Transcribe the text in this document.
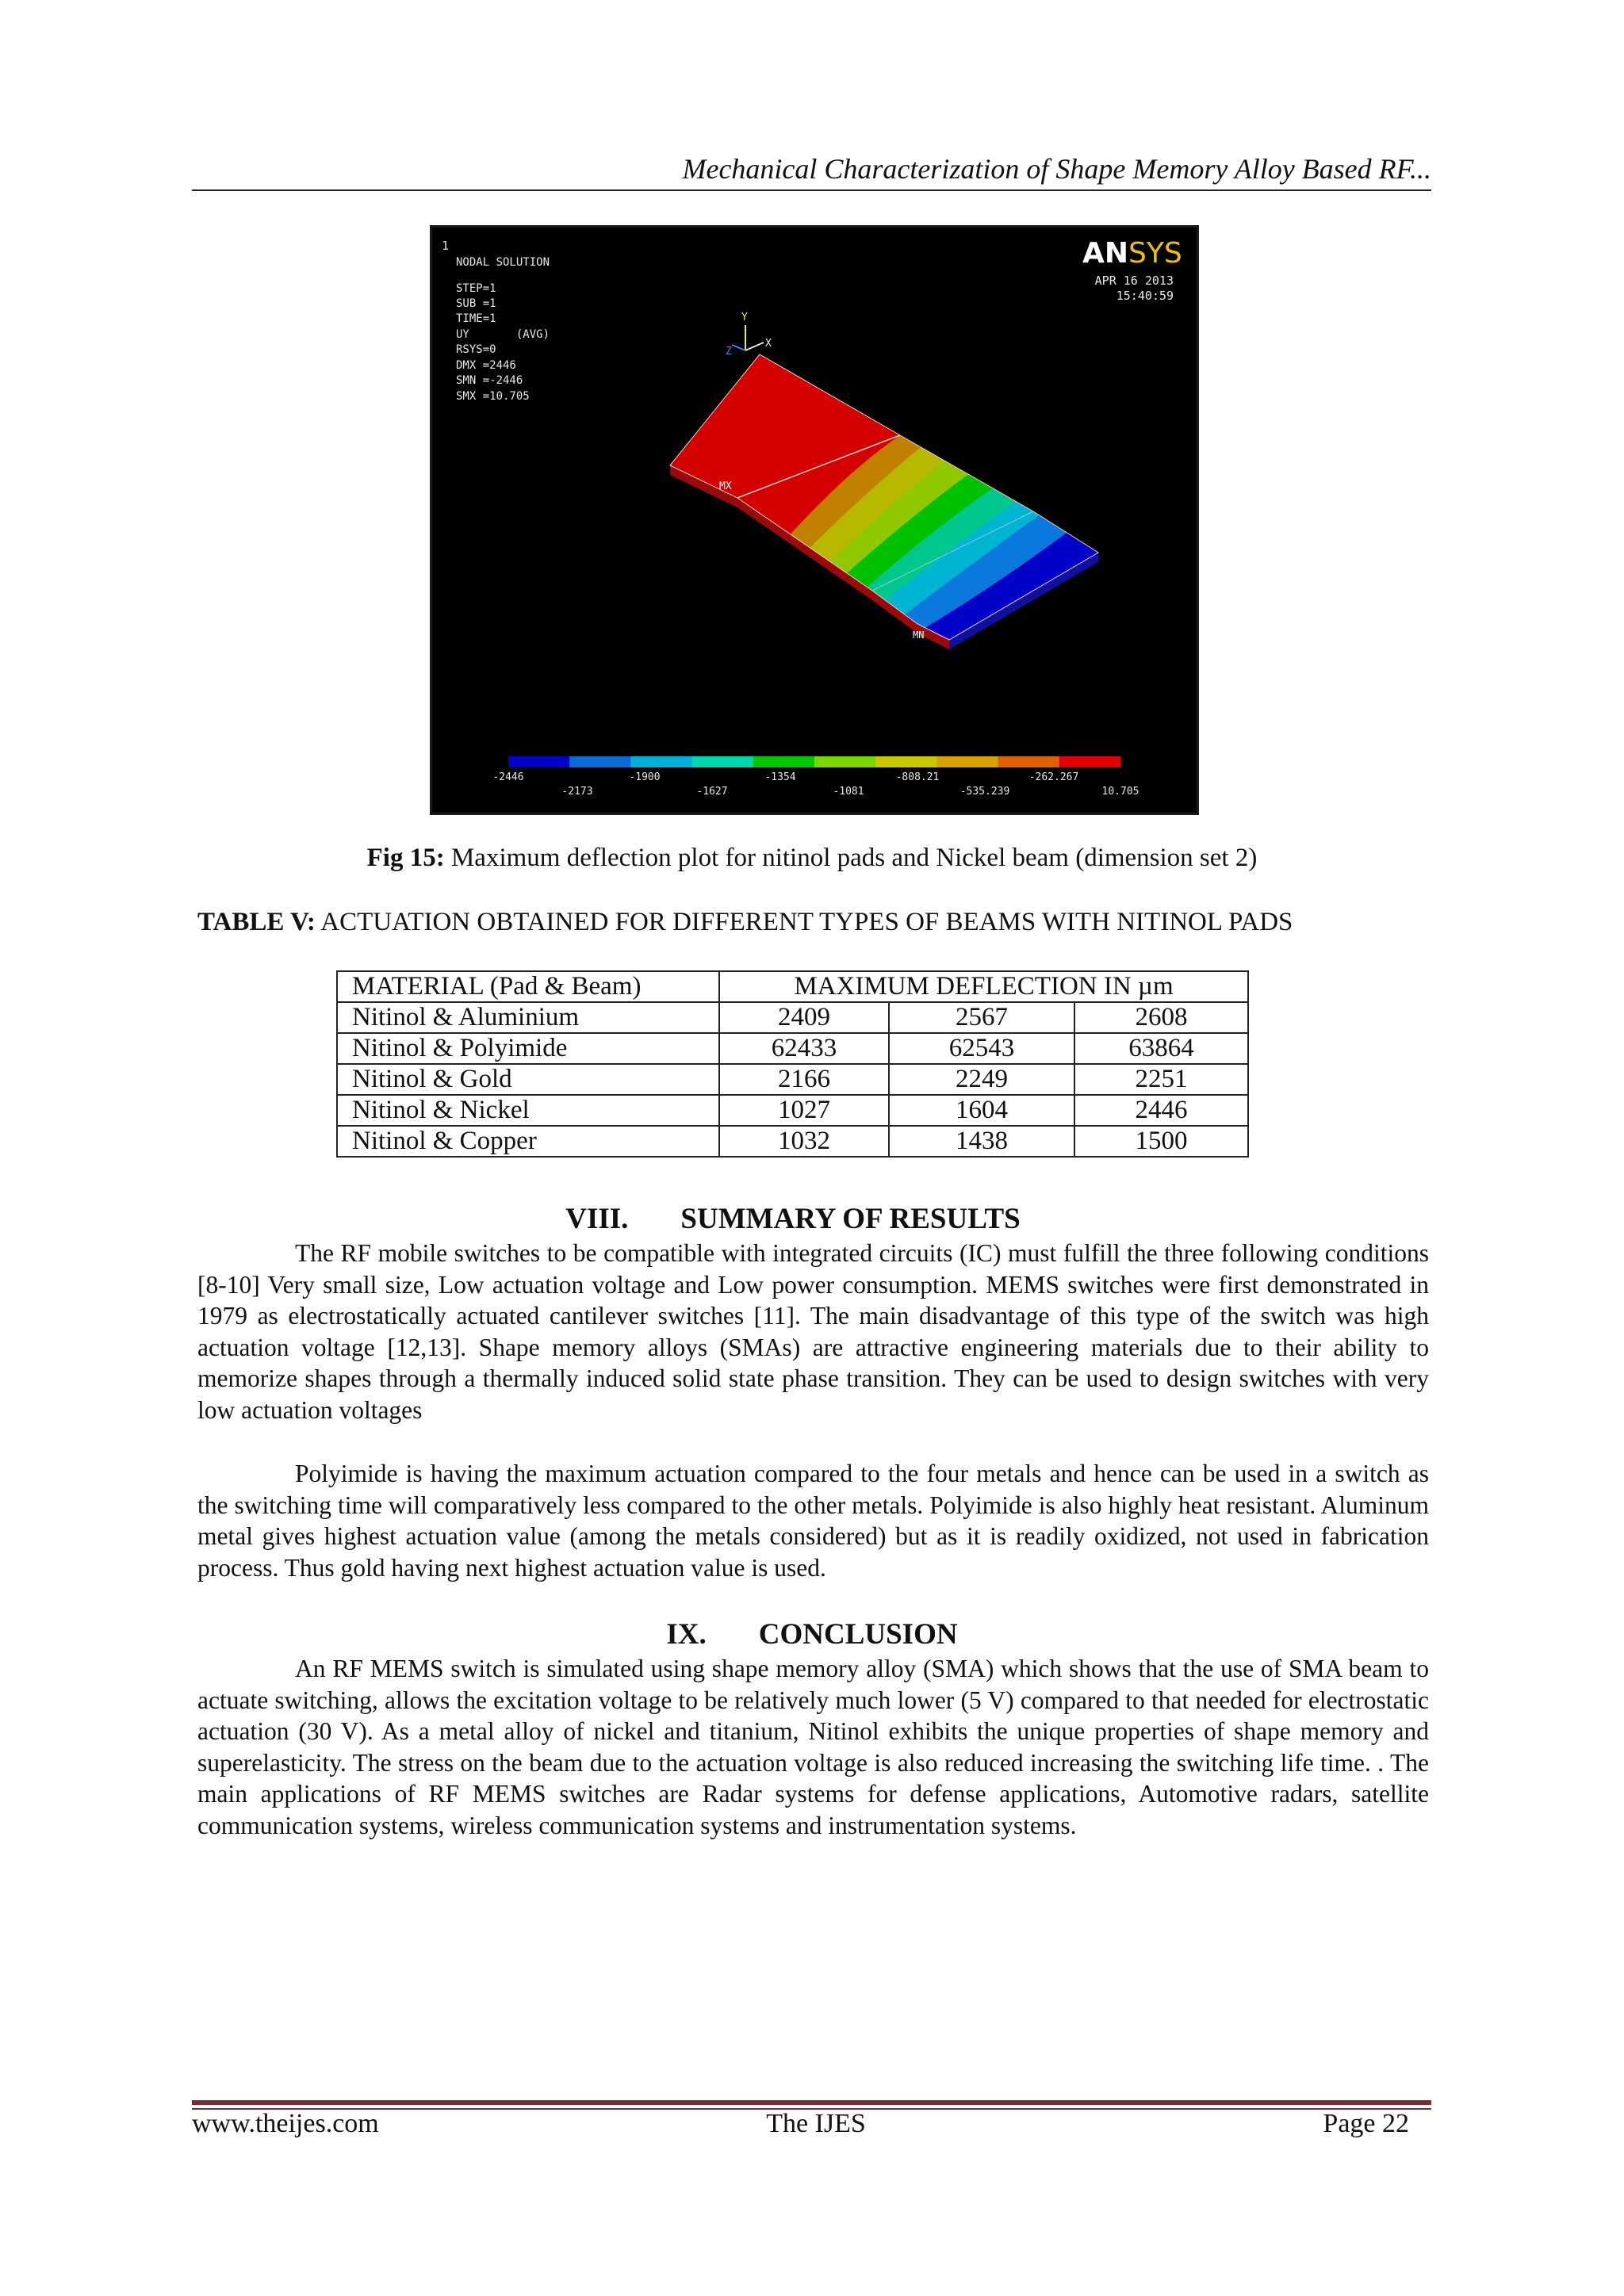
Mechanical Characterization of Shape Memory Alloy Based RF...
1
NODAL SOLUTION
STEP=1
SUB =1
TIME=1
UY       (AVG)
RSYS=0
DMX =2446
SMN =-2446
SMX =10.705
ANSYS
APR 16 2013
15:40:59
Y
X
Z
MX
MN
-2446	-1900	-1354	-808.21	-262.267
-2173	-1627	-1081	-535.239	10.705
Fig 15: Maximum deflection plot for nitinol pads and Nickel beam (dimension set 2)
TABLE V: ACTUATION OBTAINED FOR DIFFERENT TYPES OF BEAMS WITH NITINOL PADS
MATERIAL (Pad & Beam)	MAXIMUM DEFLECTION IN µm		
Nitinol & Aluminium	2409	2567	2608
Nitinol & Polyimide	62433	62543	63864
Nitinol & Gold	2166	2249	2251
Nitinol & Nickel	1027	1604	2446
Nitinol & Copper	1032	1438	1500
VIII. SUMMARY OF RESULTS
The RF mobile switches to be compatible with integrated circuits (IC) must fulfill the three following conditions [8-10] Very small size, Low actuation voltage and Low power consumption. MEMS switches were first demonstrated in 1979 as electrostatically actuated cantilever switches [11]. The main disadvantage of this type of the switch was high actuation voltage [12,13]. Shape memory alloys (SMAs) are attractive engineering materials due to their ability to memorize shapes through a thermally induced solid state phase transition. They can be used to design switches with very low actuation voltages
Polyimide is having the maximum actuation compared to the four metals and hence can be used in a switch as the switching time will comparatively less compared to the other metals. Polyimide is also highly heat resistant. Aluminum metal gives highest actuation value (among the metals considered) but as it is readily oxidized, not used in fabrication process. Thus gold having next highest actuation value is used.
IX. CONCLUSION
An RF MEMS switch is simulated using shape memory alloy (SMA) which shows that the use of SMA beam to actuate switching, allows the excitation voltage to be relatively much lower (5 V) compared to that needed for electrostatic actuation (30 V). As a metal alloy of nickel and titanium, Nitinol exhibits the unique properties of shape memory and superelasticity. The stress on the beam due to the actuation voltage is also reduced increasing the switching life time. . The main applications of RF MEMS switches are Radar systems for defense applications, Automotive radars, satellite communication systems, wireless communication systems and instrumentation systems.
www.theijes.com	The IJES	Page 22
